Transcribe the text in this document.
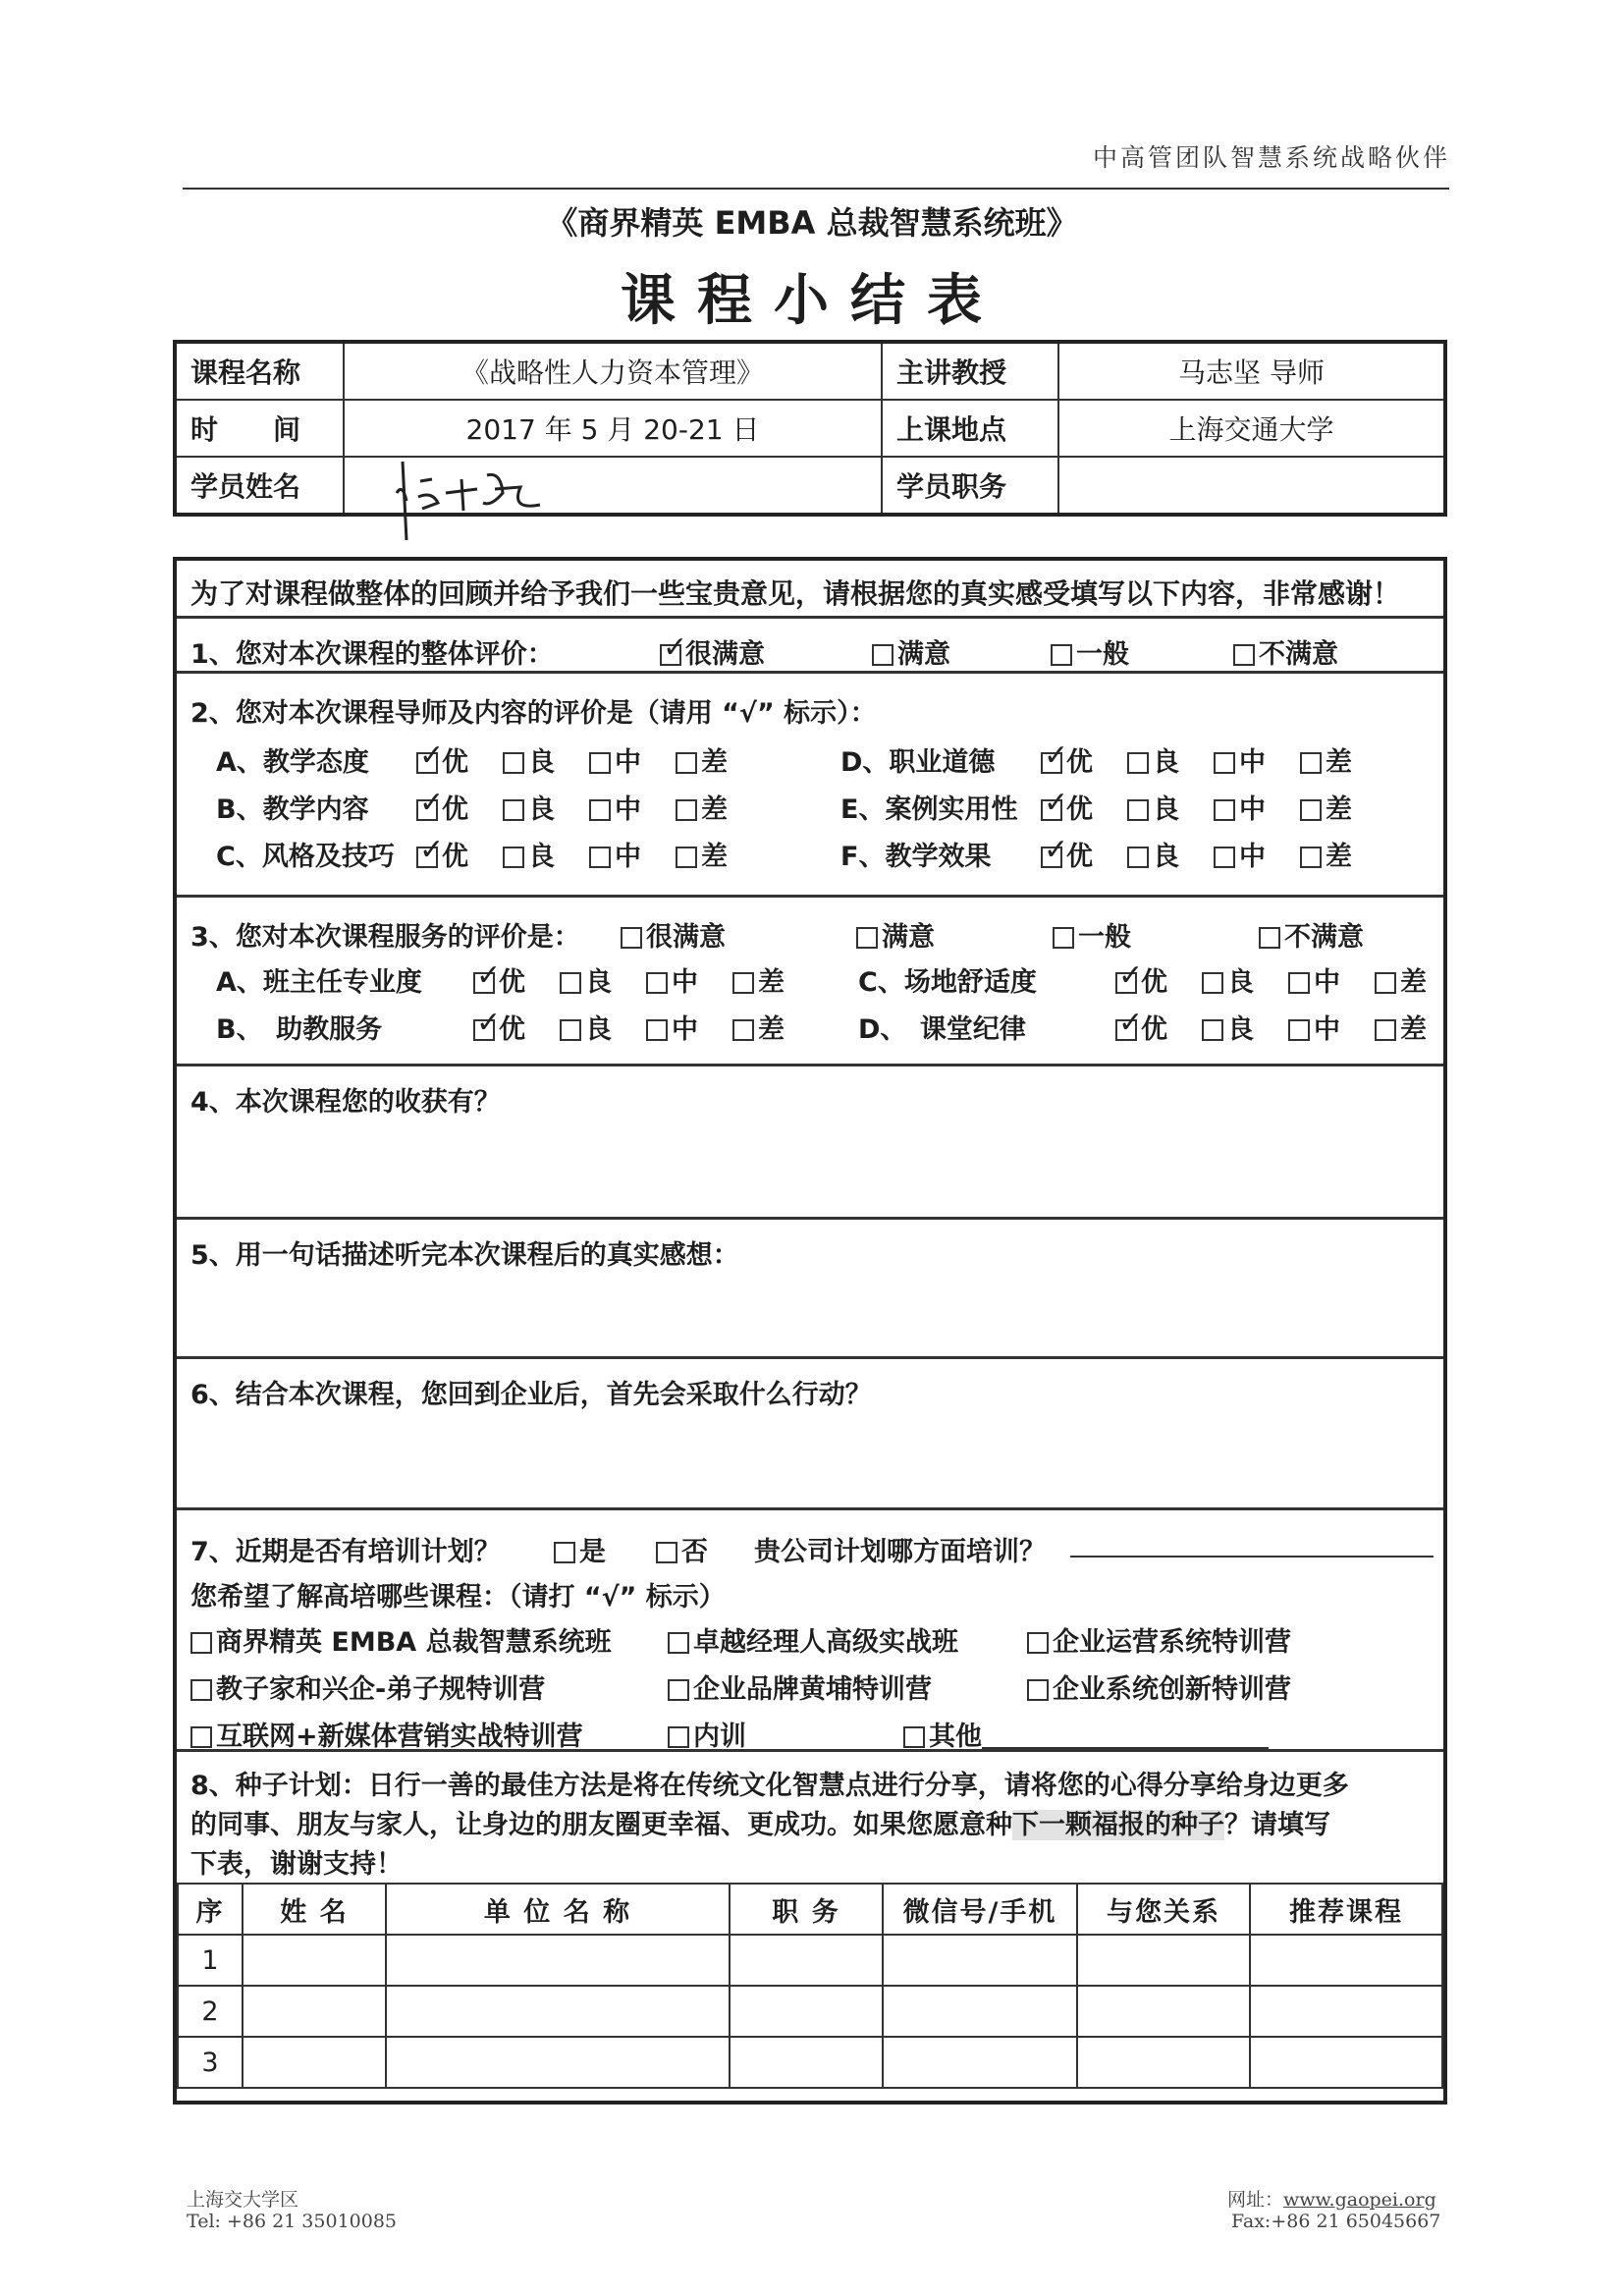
中高管团队智慧系统战略伙伴
《商界精英 EMBA 总裁智慧系统班》
课程小结表
课程名称	《战略性人力资本管理》	主讲教授	马志坚 导师
时　　间	2017 年 5 月 20-21 日	上课地点	上海交通大学
学员姓名		学员职务	
为了对课程做整体的回顾并给予我们一些宝贵意见，请根据您的真实感受填写以下内容，非常感谢！
1、您对本次课程的整体评价： ✓	很满意	满意	一般	不满意
2、您对本次课程导师及内容的评价是（请用 “√” 标示）：
A、教学态度 ✓	优 良 中 差
B、教学内容 ✓	优 良 中 差
C、风格及技巧 ✓ 优 良 中 差
D、职业道德 ✓	优 良 中 差
E、案例实用性 ✓ 优 良 中 差
F、教学效果 ✓	优 良 中 差
3、您对本次课程服务的评价是：	很满意	满意	一般	不满意
A、班主任专业度 ✓	优 良 中 差
B、　助教服务 ✓	优 良 中 差
C、场地舒适度 ✓	优 良 中 差
D、　课堂纪律 ✓	优 良 中 差
4、本次课程您的收获有？
5、用一句话描述听完本次课程后的真实感想：
6、结合本次课程，您回到企业后，首先会采取什么行动？
7、近期是否有培训计划？	是	否 贵公司计划哪方面培训？
您希望了解高培哪些课程：（请打 “√” 标示）
商界精英 EMBA 总裁智慧系统班	卓越经理人高级实战班	企业运营系统特训营
教子家和兴企-弟子规特训营	企业品牌黄埔特训营	企业系统创新特训营
互联网+新媒体营销实战特训营	内训	其他
8、种子计划：日行一善的最佳方法是将在传统文化智慧点进行分享，请将您的心得分享给身边更多
的同事、朋友与家人，让身边的朋友圈更幸福、更成功。如果您愿意种下一颗福报的种子？请填写
下表，谢谢支持！
序	姓 名	单 位 名 称	职 务	微信号/手机	与您关系	推荐课程
1						
2						
3						
上海交大学区
Tel: +86 21 35010085
网址：www.gaopei.org
Fax:+86 21 65045667
